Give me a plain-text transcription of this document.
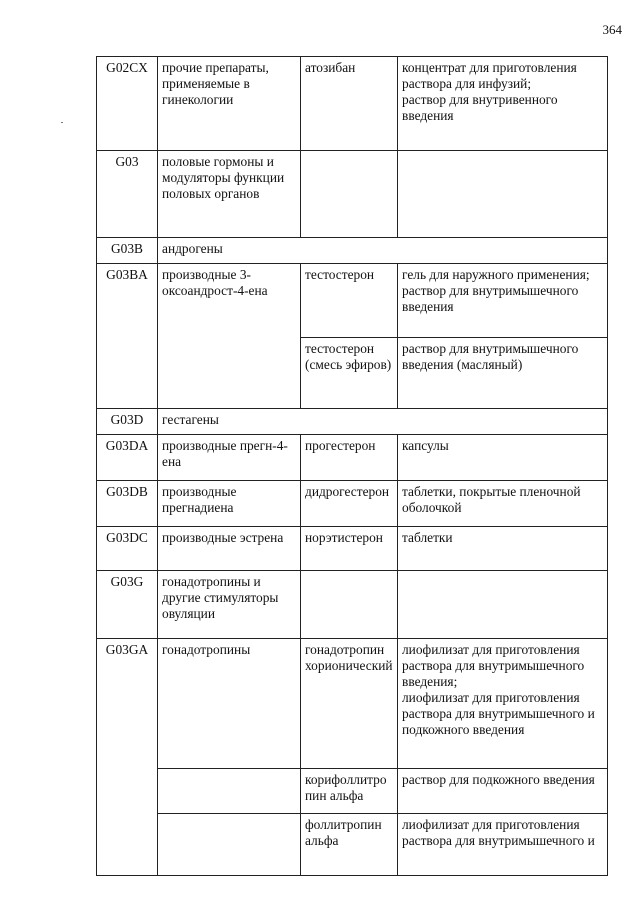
364
G02CX	прочие препараты, применяемые в гинекологии	атозибан	концентрат для приготовления раствора для инфузий;
раствор для внутривенного введения
G03	половые гормоны и модуляторы функции половых органов		
G03B	андрогены		
G03BA	производные 3-оксоандрост-4-ена	тестостерон	гель для наружного применения;
раствор для внутримышечного введения
		тестостерон (смесь эфиров)	раствор для внутримышечного введения (масляный)
G03D	гестагены		
G03DA	производные прегн-4-ена	прогестерон	капсулы
G03DB	производные прегнадиена	дидрогестерон	таблетки, покрытые пленочной оболочкой
G03DC	производные эстрена	норэтистерон	таблетки
G03G	гонадотропины и другие стимуляторы овуляции		
G03GA	гонадотропины	гонадотропин хорионический	лиофилизат для приготовления раствора для внутримышечного введения;
лиофилизат для приготовления раствора для внутримышечного и подкожного введения
		корифоллитропин альфа	раствор для подкожного введения
		фоллитропин альфа	лиофилизат для приготовления раствора для внутримышечного и
